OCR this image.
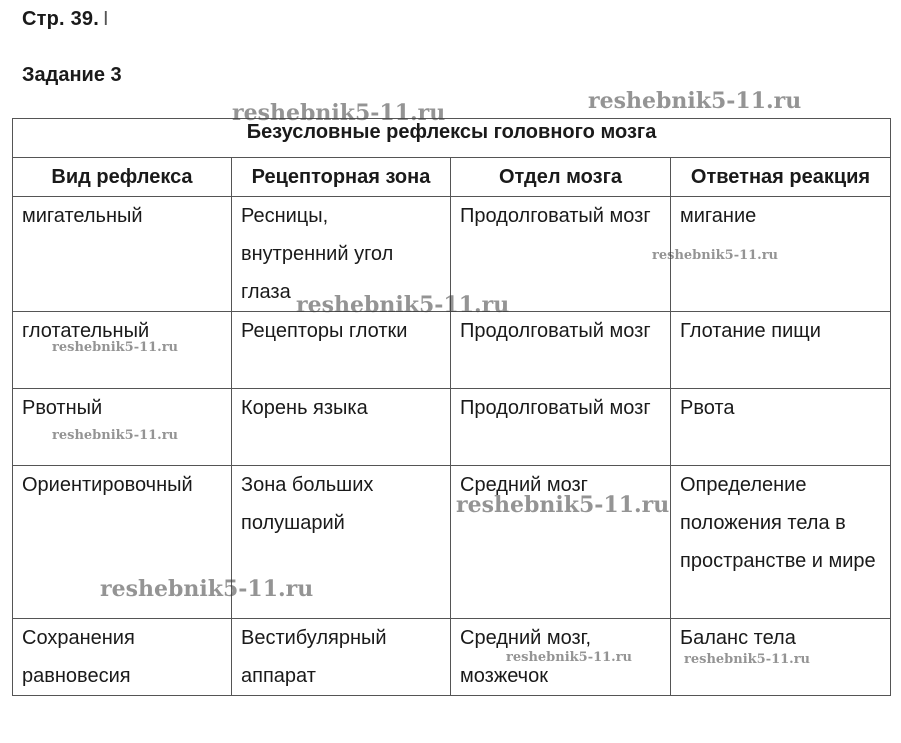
Стр. 39. I
Задание 3
Безусловные рефлексы головного мозга			
Вид рефлекса	Рецепторная зона	Отдел мозга	Ответная реакция
мигательный	Ресницы, внутренний угол глаза	Продолговатый мозг	мигание
глотательный	Рецепторы глотки	Продолговатый мозг	Глотание пищи
Рвотный	Корень языка	Продолговатый мозг	Рвота
Ориентировочный	Зона больших полушарий	Средний мозг	Определение положения тела в пространстве и мире
Сохранения равновесия	Вестибулярный аппарат	Средний мозг, мозжечок	Баланс тела
reshebnik5-11.ru	reshebnik5-11.ru
reshebnik5-11.ru
reshebnik5-11.ru
reshebnik5-11.ru
reshebnik5-11.ru
reshebnik5-11.ru
reshebnik5-11.ru
reshebnik5-11.ru	reshebnik5-11.ru
